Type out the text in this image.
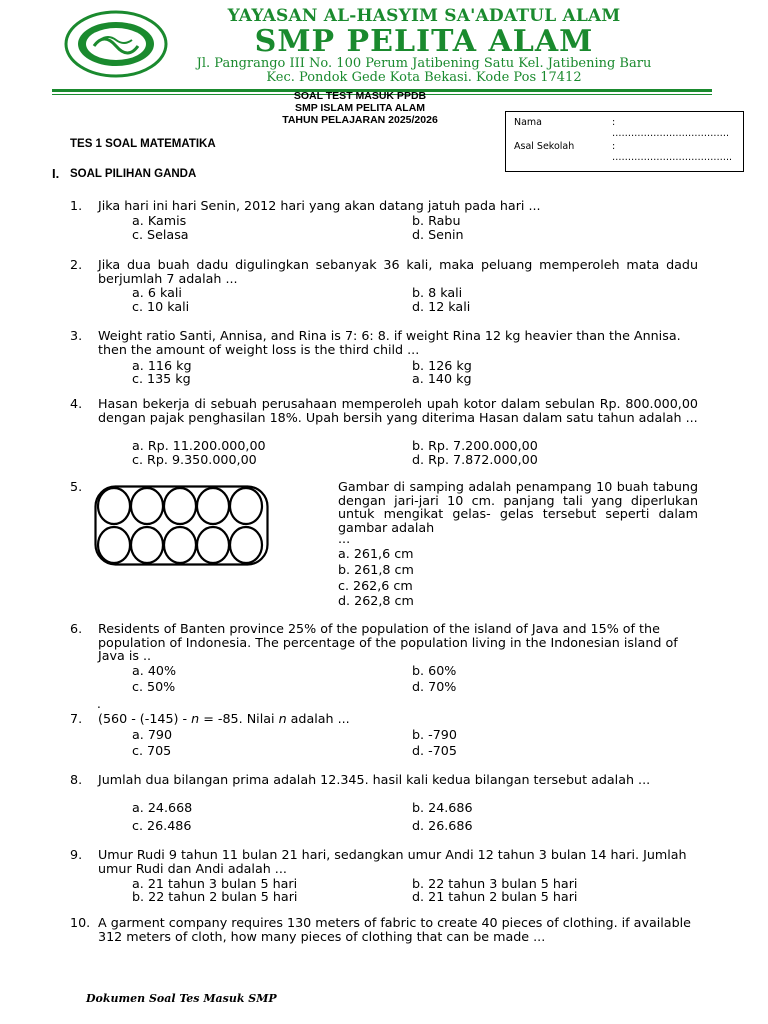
YAYASAN AL-HASYIM SA'ADATUL ALAM
SMP PELITA ALAM
Jl. Pangrango III No. 100 Perum Jatibening Satu Kel. Jatibening Baru
Kec. Pondok Gede Kota Bekasi. Kode Pos 17412
SOAL TEST MASUK PPDB
SMP ISLAM PELITA ALAM
TAHUN PELAJARAN 2025/2026	Nama	: ……………………………….
Asal Sekolah	: ………………………………..
TES 1 SOAL MATEMATIKA
I. SOAL PILIHAN GANDA
1. Jika hari ini hari Senin, 2012 hari yang akan datang jatuh pada hari ...
a. Kamis	b. Rabu
c. Selasa	d. Senin
2. Jika dua buah dadu digulingkan sebanyak 36 kali, maka peluang memperoleh mata dadu berjumlah 7 adalah ...
a. 6 kali	b. 8 kali
c. 10 kali	d. 12 kali
3. Weight ratio Santi, Annisa, and Rina is 7: 6: 8. if weight Rina 12 kg heavier than the Annisa. then the amount of weight loss is the third child ...
a. 116 kg	b. 126 kg
c. 135 kg	a. 140 kg
4. Hasan bekerja di sebuah perusahaan memperoleh upah kotor dalam sebulan Rp. 800.000,00 dengan pajak penghasilan 18%. Upah bersih yang diterima Hasan dalam satu tahun adalah ...
a. Rp. 11.200.000,00	b. Rp. 7.200.000,00
c. Rp. 9.350.000,00	d. Rp. 7.872.000,00
5.	Gambar di samping adalah penampang 10 buah tabung dengan jari-jari 10 cm. panjang tali yang diperlukan untuk mengikat gelas- gelas tersebut seperti dalam gambar adalah
...
a. 261,6 cm
b. 261,8 cm
c. 262,6 cm
d. 262,8 cm
6. Residents of Banten province 25% of the population of the island of Java and 15% of the population of Indonesia. The percentage of the population living in the Indonesian island of Java is ..
a. 40%	b. 60%
c. 50%	d. 70%
.
7. (560 - (-145) - n = -85. Nilai n adalah ...
a. 790	b. -790
c. 705	d. -705
8. Jumlah dua bilangan prima adalah 12.345. hasil kali kedua bilangan tersebut adalah ...
a. 24.668	b. 24.686
c. 26.486	d. 26.686
9. Umur Rudi 9 tahun 11 bulan 21 hari, sedangkan umur Andi 12 tahun 3 bulan 14 hari. Jumlah umur Rudi dan Andi adalah ...
a. 21 tahun 3 bulan 5 hari	b. 22 tahun 3 bulan 5 hari
b. 22 tahun 2 bulan 5 hari	d. 21 tahun 2 bulan 5 hari
10. A garment company requires 130 meters of fabric to create 40 pieces of clothing. if available 312 meters of cloth, how many pieces of clothing that can be made ...
Dokumen Soal Tes Masuk SMP
